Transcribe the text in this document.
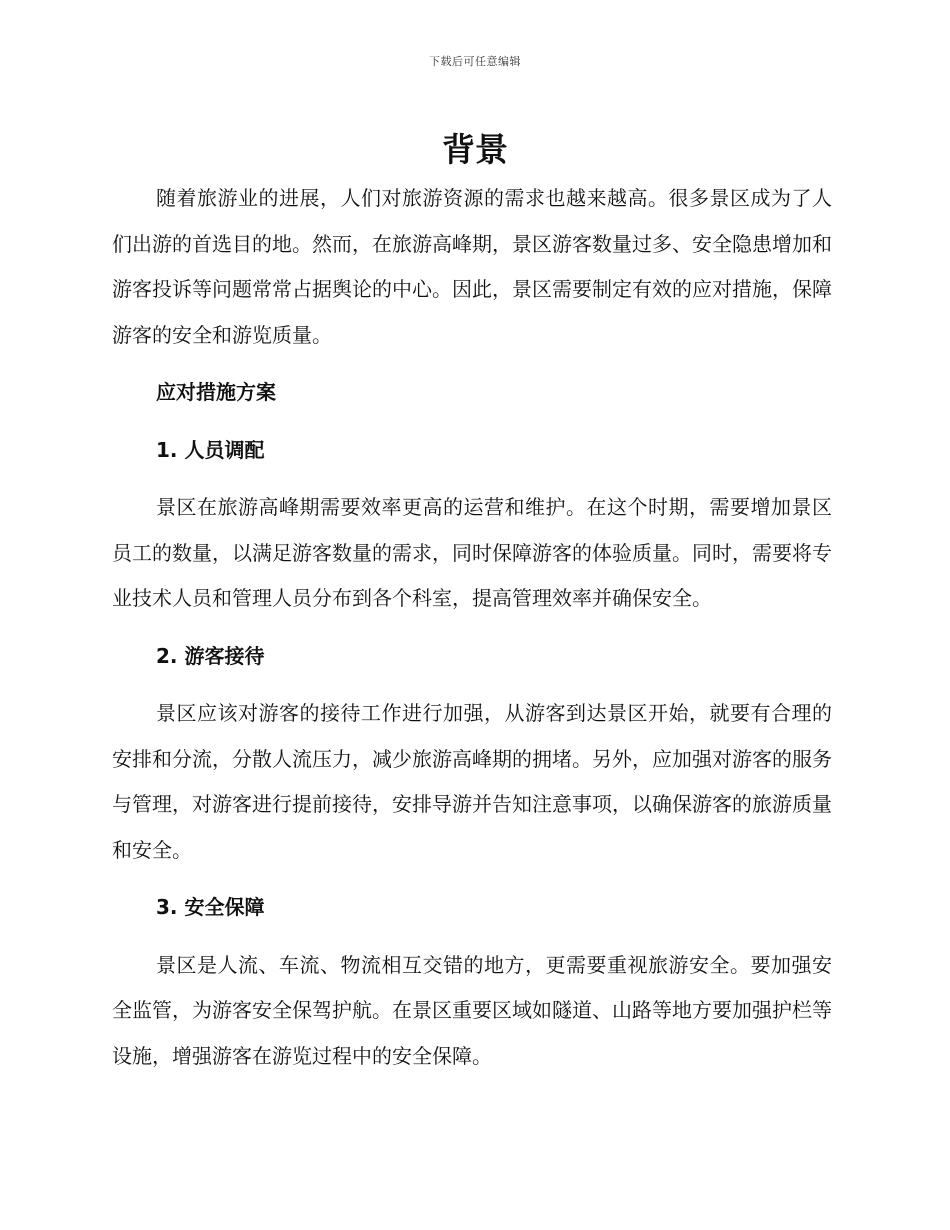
下载后可任意编辑
背景

随着旅游业的进展，人们对旅游资源的需求也越来越高。很多景区成为了人们出游的首选目的地。然而，在旅游高峰期，景区游客数量过多、安全隐患增加和游客投诉等问题常常占据舆论的中心。因此，景区需要制定有效的应对措施，保障游客的安全和游览质量。

应对措施方案

1. 人员调配

景区在旅游高峰期需要效率更高的运营和维护。在这个时期，需要增加景区员工的数量，以满足游客数量的需求，同时保障游客的体验质量。同时，需要将专业技术人员和管理人员分布到各个科室，提高管理效率并确保安全。

2. 游客接待

景区应该对游客的接待工作进行加强，从游客到达景区开始，就要有合理的安排和分流，分散人流压力，减少旅游高峰期的拥堵。另外，应加强对游客的服务与管理，对游客进行提前接待，安排导游并告知注意事项，以确保游客的旅游质量和安全。

3. 安全保障

景区是人流、车流、物流相互交错的地方，更需要重视旅游安全。要加强安全监管，为游客安全保驾护航。在景区重要区域如隧道、山路等地方要加强护栏等设施，增强游客在游览过程中的安全保障。
